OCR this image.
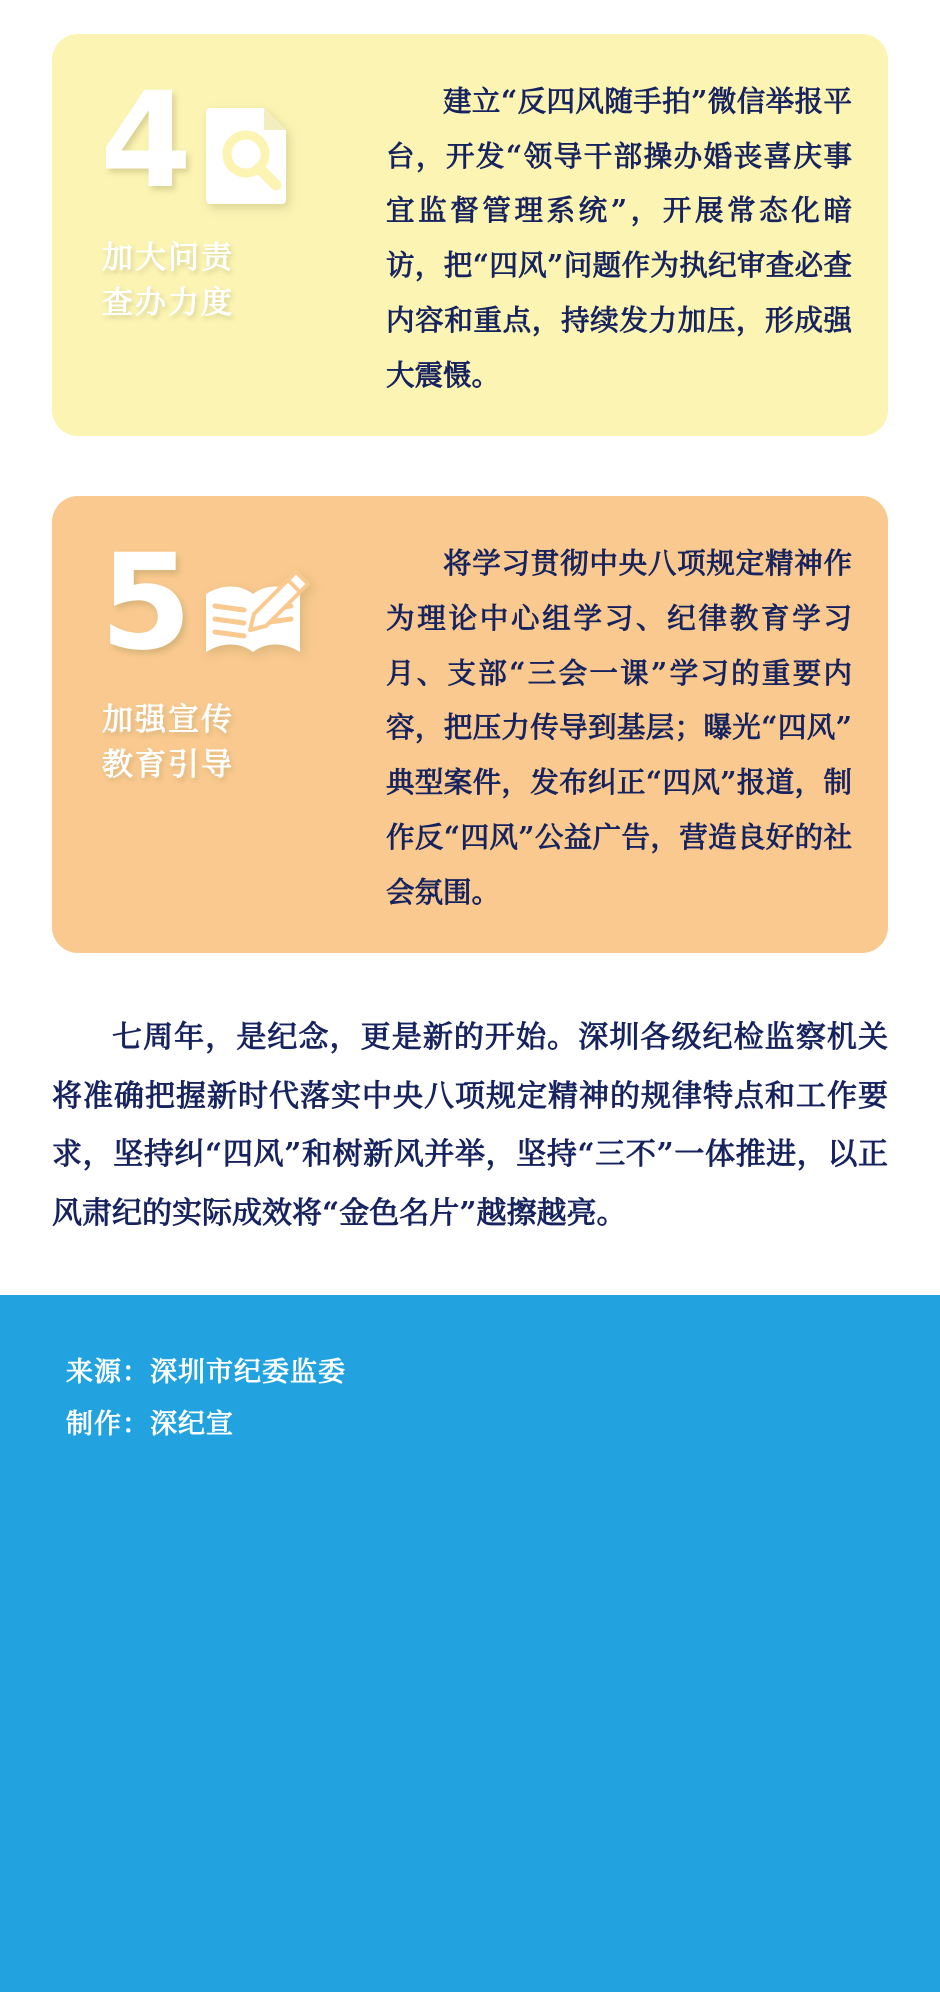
4
加大问责
查办力度
建立“反四风随手拍”微信举报平台，开发“领导干部操办婚丧喜庆事宜监督管理系统”，开展常态化暗访，把“四风”问题作为执纪审查必查内容和重点，持续发力加压，形成强大震慑。
5
加强宣传
教育引导
将学习贯彻中央八项规定精神作为理论中心组学习、纪律教育学习月、支部“三会一课”学习的重要内容，把压力传导到基层；曝光“四风”典型案件，发布纠正“四风”报道，制作反“四风”公益广告，营造良好的社会氛围。
七周年，是纪念，更是新的开始。深圳各级纪检监察机关将准确把握新时代落实中央八项规定精神的规律特点和工作要求，坚持纠“四风”和树新风并举，坚持“三不”一体推进，以正风肃纪的实际成效将“金色名片”越擦越亮。
来源：深圳市纪委监委
制作：深纪宣
